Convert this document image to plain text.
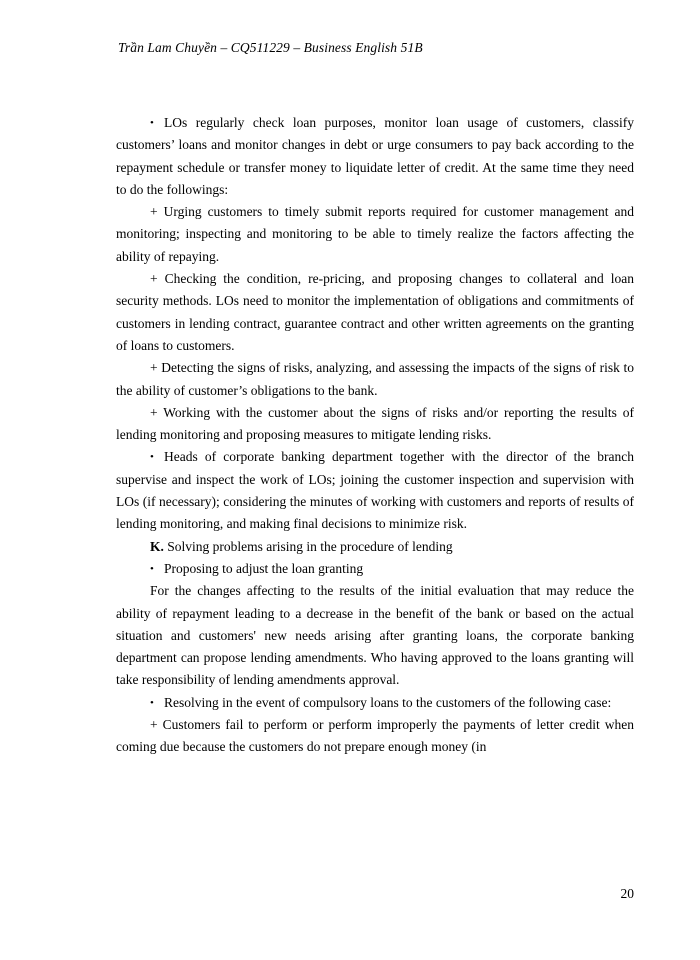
Trần Lam Chuyền – CQ511229 – Business English 51B

• LOs regularly check loan purposes, monitor loan usage of customers, classify customers’ loans and monitor changes in debt or urge consumers to pay back according to the repayment schedule or transfer money to liquidate letter of credit. At the same time they need to do the followings:

+ Urging customers to timely submit reports required for customer management and monitoring; inspecting and monitoring to be able to timely realize the factors affecting the ability of repaying.

+ Checking the condition, re-pricing, and proposing changes to collateral and loan security methods. LOs need to monitor the implementation of obligations and commitments of customers in lending contract, guarantee contract and other written agreements on the granting of loans to customers.

+ Detecting the signs of risks, analyzing, and assessing the impacts of the signs of risk to the ability of customer’s obligations to the bank.

+ Working with the customer about the signs of risks and/or reporting the results of lending monitoring and proposing measures to mitigate lending risks.

• Heads of corporate banking department together with the director of the branch supervise and inspect the work of LOs; joining the customer inspection and supervision with LOs (if necessary); considering the minutes of working with customers and reports of results of lending monitoring, and making final decisions to minimize risk.

K. Solving problems arising in the procedure of lending

• Proposing to adjust the loan granting

For the changes affecting to the results of the initial evaluation that may reduce the ability of repayment leading to a decrease in the benefit of the bank or based on the actual situation and customers' new needs arising after granting loans, the corporate banking department can propose lending amendments. Who having approved to the loans granting will take responsibility of lending amendments approval.

• Resolving in the event of compulsory loans to the customers of the following case:

+ Customers fail to perform or perform improperly the payments of letter credit when coming due because the customers do not prepare enough money (in

20
